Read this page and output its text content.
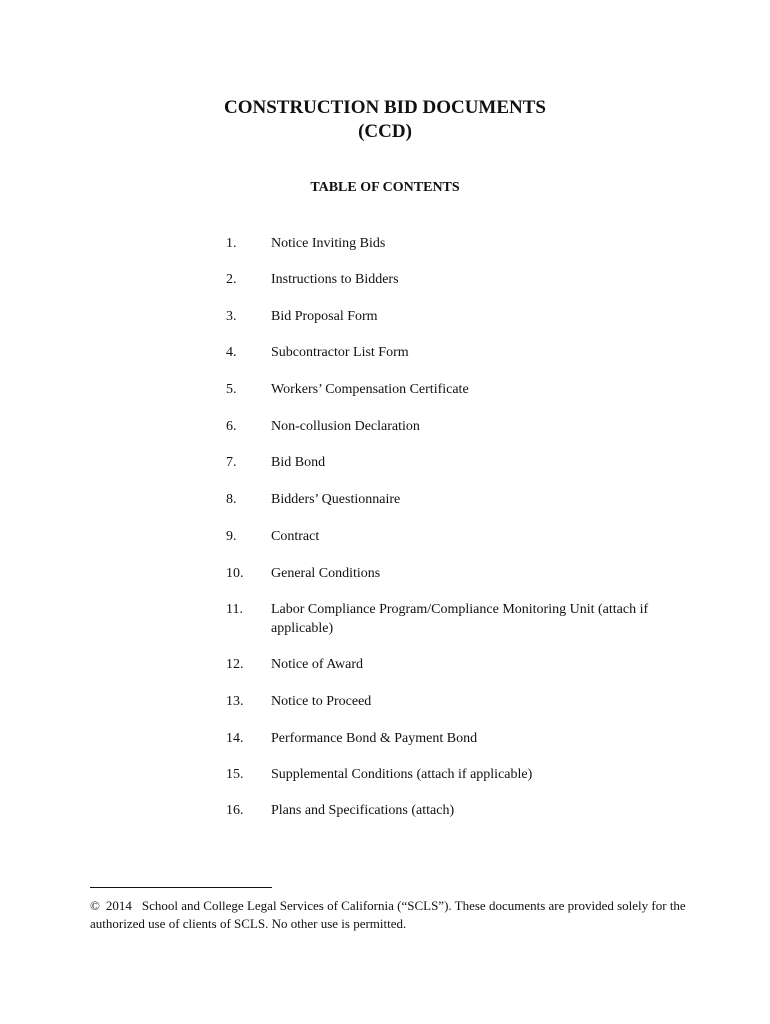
CONSTRUCTION BID DOCUMENTS
(CCD)
TABLE OF CONTENTS
1.	Notice Inviting Bids
2.	Instructions to Bidders
3.	Bid Proposal Form
4.	Subcontractor List Form
5.	Workers’ Compensation Certificate
6.	Non-collusion Declaration
7.	Bid Bond
8.	Bidders’ Questionnaire
9.	Contract
10.	General Conditions
11.	Labor Compliance Program/Compliance Monitoring Unit (attach if applicable)
12.	Notice of Award
13.	Notice to Proceed
14.	Performance Bond & Payment Bond
15.	Supplemental Conditions (attach if applicable)
16.	Plans and Specifications (attach)

© 2014 School and College Legal Services of California (“SCLS”). These documents are provided solely for the authorized use of clients of SCLS. No other use is permitted.
